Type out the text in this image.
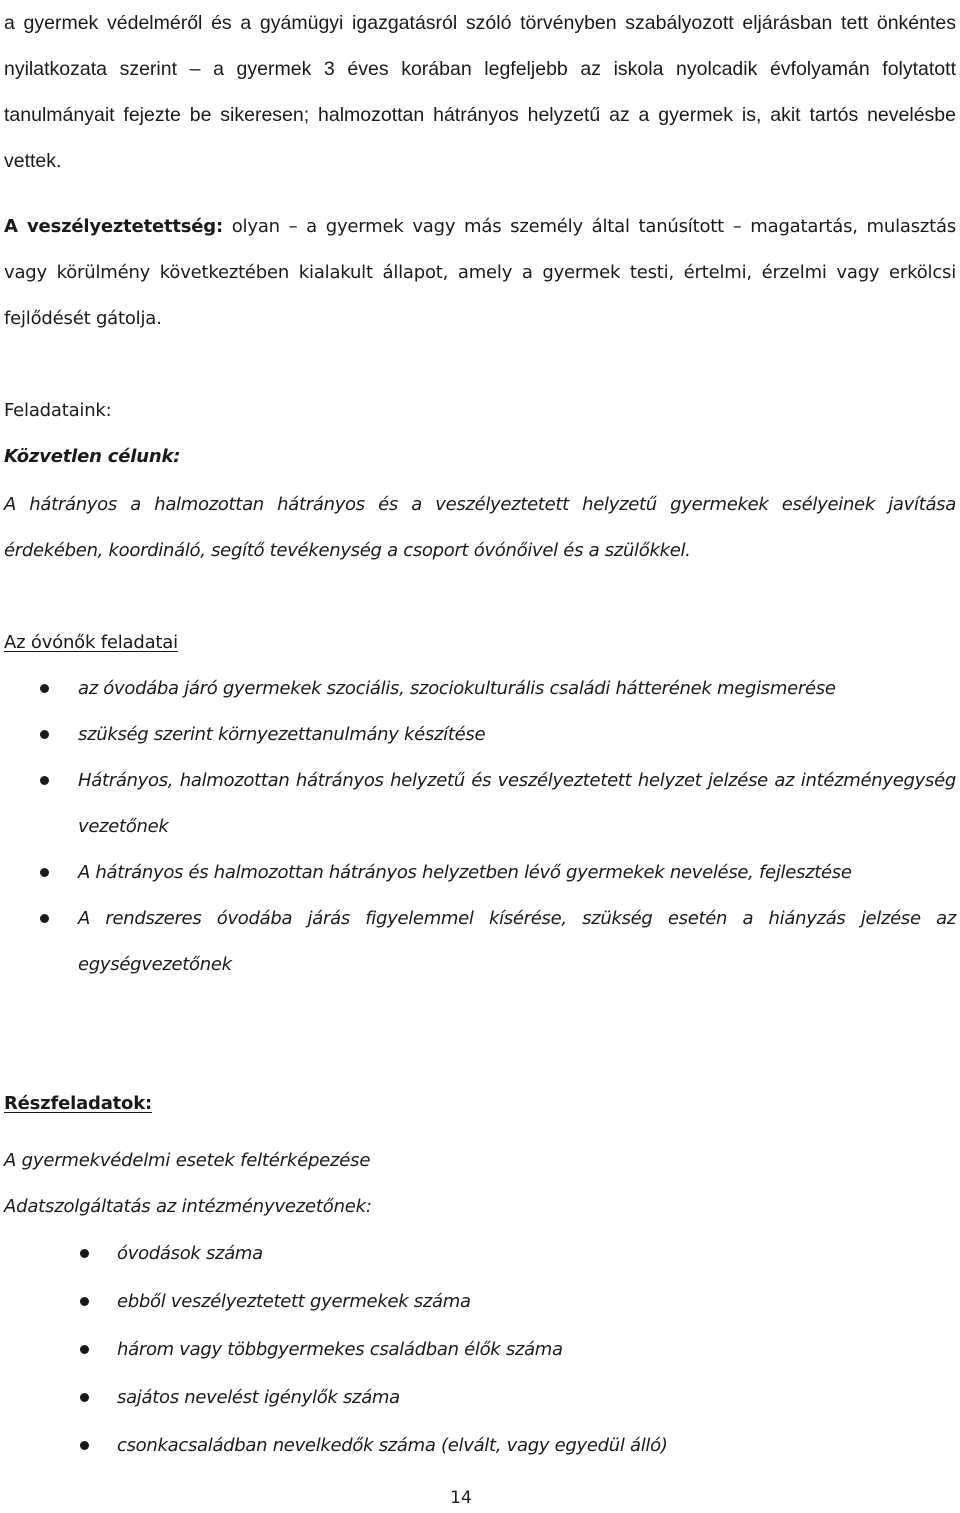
a gyermek védelméről és a gyámügyi igazgatásról szóló törvényben szabályozott eljárásban tett önkéntes nyilatkozata szerint – a gyermek 3 éves korában legfeljebb az iskola nyolcadik évfolyamán folytatott tanulmányait fejezte be sikeresen; halmozottan hátrányos helyzetű az a gyermek is, akit tartós nevelésbe vettek.

A veszélyeztetettség: olyan – a gyermek vagy más személy által tanúsított – magatartás, mulasztás vagy körülmény következtében kialakult állapot, amely a gyermek testi, értelmi, érzelmi vagy erkölcsi fejlődését gátolja.

Feladataink:

Közvetlen célunk:

A hátrányos a halmozottan hátrányos és a veszélyeztetett helyzetű gyermekek esélyeinek javítása érdekében, koordináló, segítő tevékenység a csoport óvónőivel és a szülőkkel.

Az óvónők feladatai

az óvodába járó gyermekek szociális, szociokulturális családi hátterének megismerése
szükség szerint környezettanulmány készítése
Hátrányos, halmozottan hátrányos helyzetű és veszélyeztetett helyzet jelzése az intézményegység vezetőnek
A hátrányos és halmozottan hátrányos helyzetben lévő gyermekek nevelése, fejlesztése
A rendszeres óvodába járás figyelemmel kísérése, szükség esetén a hiányzás jelzése az egységvezetőnek

Részfeladatok:

A gyermekvédelmi esetek feltérképezése

Adatszolgáltatás az intézményvezetőnek:

óvodások száma
ebből veszélyeztetett gyermekek száma
három vagy többgyermekes családban élők száma
sajátos nevelést igénylők száma
csonkacsaládban nevelkedők száma (elvált, vagy egyedül álló)
14
